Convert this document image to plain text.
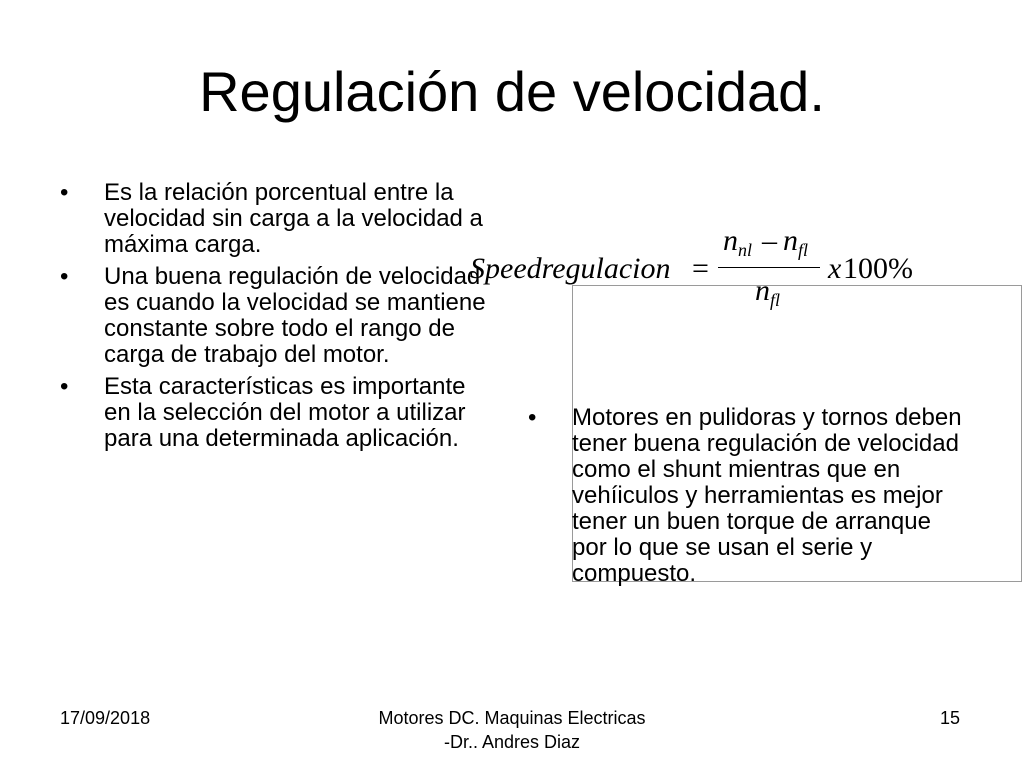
Regulación de velocidad.
• Es la relación porcentual entre la velocidad sin carga a la velocidad a máxima carga.
• Una buena regulación de velocidad es cuando la velocidad se mantiene constante sobre todo el rango de carga de trabajo del motor.
• Esta características es importante en la selección del motor a utilizar para una determinada aplicación.
Speedregulacion =
$n_{nl} - n_{fl}$
$n_{fl}$
x 100%
• Motores en pulidoras y tornos deben tener buena regulación de velocidad como el shunt mientras que en vehíiculos y herramientas es mejor tener un buen torque de arranque por lo que se usan el serie y compuesto.
17/09/2018	Motores DC. Maquinas Electricas
-Dr.. Andres Diaz
15
